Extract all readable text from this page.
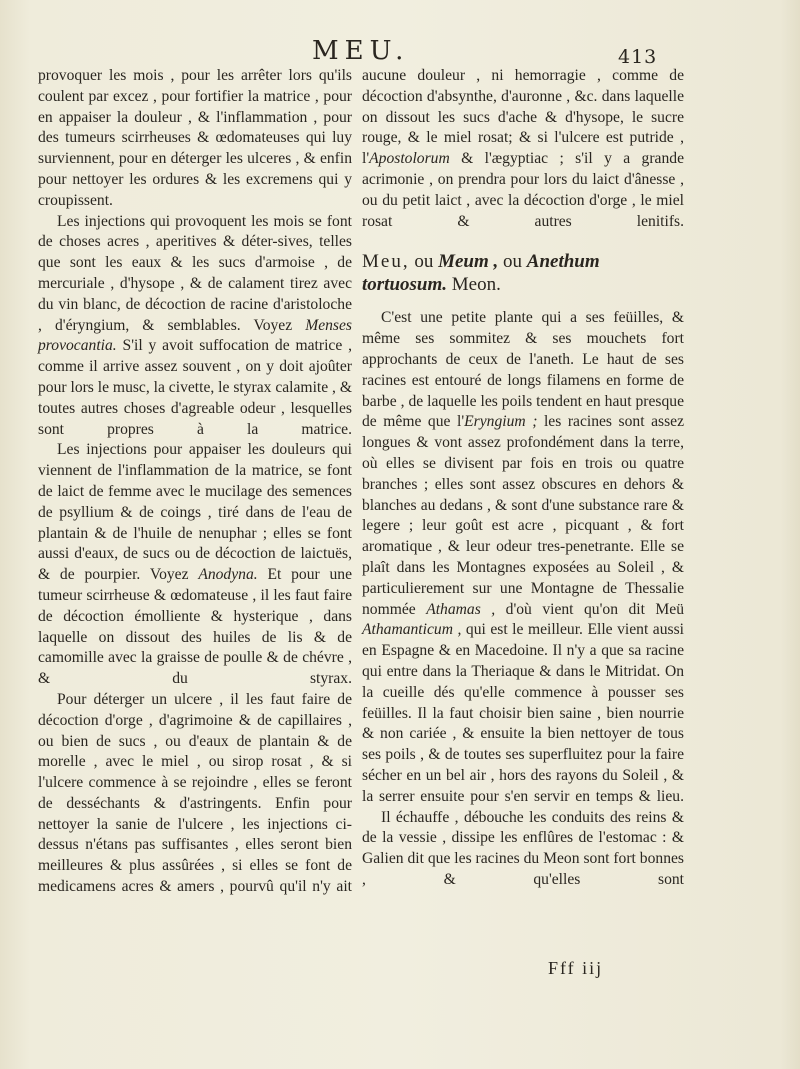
MEU.	413

provoquer les mois , pour les arrêter lors qu'ils coulent par excez , pour fortifier la matrice , pour en appaiser la douleur , & l'inflammation , pour des tumeurs scirrheuses & œdomateuses qui luy surviennent, pour en déterger les ulceres , & enfin pour nettoyer les ordures & les excremens qui y croupissent.

Les injections qui provoquent les mois se font de choses acres , aperitives & déter-sives, telles que sont les eaux & les sucs d'armoise , de mercuriale , d'hysope , & de calament tirez avec du vin blanc, de décoction de racine d'aristoloche , d'éryngium, & semblables. Voyez Menses provocantia. S'il y avoit suffocation de matrice , comme il arrive assez souvent , on y doit ajoûter pour lors le musc, la civette, le styrax calamite , & toutes autres choses d'agreable odeur , lesquelles sont propres à la matrice.

Les injections pour appaiser les douleurs qui viennent de l'inflammation de la matrice, se font de laict de femme avec le mucilage des semences de psyllium & de coings , tiré dans de l'eau de plantain & de l'huile de nenuphar ; elles se font aussi d'eaux, de sucs ou de décoction de laictuës, & de pourpier. Voyez Anodyna. Et pour une tumeur scirrheuse & œdomateuse , il les faut faire de décoction émolliente & hysterique , dans laquelle on dissout des huiles de lis & de camomille avec la graisse de poulle & de chévre , & du styrax.

Pour déterger un ulcere , il les faut faire de décoction d'orge , d'agrimoine & de capillaires , ou bien de sucs , ou d'eaux de plantain & de morelle , avec le miel , ou sirop rosat , & si l'ulcere commence à se rejoindre , elles se feront de desséchants & d'astringents. Enfin pour nettoyer la sanie de l'ulcere , les injections ci-dessus n'étans pas suffisantes , elles seront bien meilleures & plus assûrées , si elles se font de medicamens acres & amers , pourvû qu'il n'y ait

aucune douleur , ni hemorragie , comme de décoction d'absynthe, d'auronne , &c. dans laquelle on dissout les sucs d'ache & d'hysope, le sucre rouge, & le miel rosat; & si l'ulcere est putride , l'Apostolorum & l'ægyptiac ; s'il y a grande acrimonie , on prendra pour lors du laict d'ânesse , ou du petit laict , avec la décoction d'orge , le miel rosat & autres lenitifs.

Meu, ou Meum , ou Anethum tortuosum. Meon.

C'est une petite plante qui a ses feüilles, & même ses sommitez & ses mouchets fort approchants de ceux de l'aneth. Le haut de ses racines est entouré de longs filamens en forme de barbe , de laquelle les poils tendent en haut presque de même que l'Eryngium ; les racines sont assez longues & vont assez profondément dans la terre, où elles se divisent par fois en trois ou quatre branches ; elles sont assez obscures en dehors & blanches au dedans , & sont d'une substance rare & legere ; leur goût est acre , picquant , & fort aromatique , & leur odeur tres-penetrante. Elle se plaît dans les Montagnes exposées au Soleil , & particulierement sur une Montagne de Thessalie nommée Athamas , d'où vient qu'on dit Meü Athamanticum , qui est le meilleur. Elle vient aussi en Espagne & en Macedoine. Il n'y a que sa racine qui entre dans la Theriaque & dans le Mitridat. On la cueille dés qu'elle commence à pousser ses feüilles. Il la faut choisir bien saine , bien nourrie & non cariée , & ensuite la bien nettoyer de tous ses poils , & de toutes ses superfluitez pour la faire sécher en un bel air , hors des rayons du Soleil , & la serrer ensuite pour s'en servir en temps & lieu.

Il échauffe , débouche les conduits des reins & de la vessie , dissipe les enflûres de l'estomac : & Galien dit que les racines du Meon sont fort bonnes , & qu'elles sont

Fff iij
